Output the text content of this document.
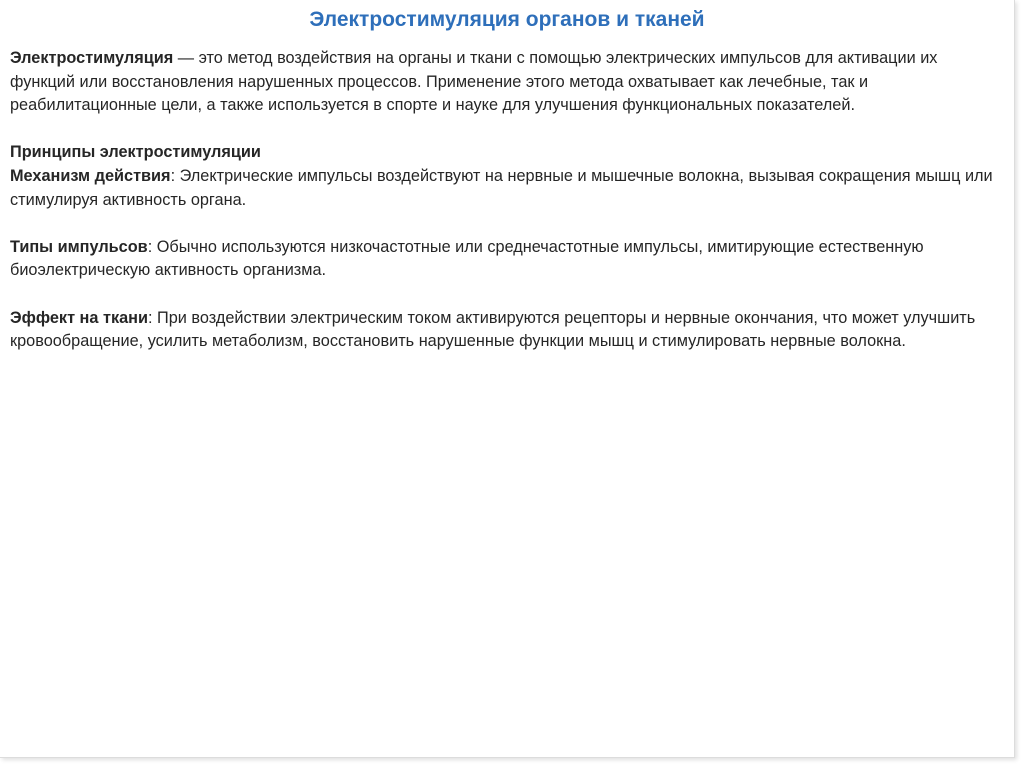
Электростимуляция органов и тканей

Электростимуляция — это метод воздействия на органы и ткани с помощью электрических импульсов для активации их функций или восстановления нарушенных процессов. Применение этого метода охватывает как лечебные, так и реабилитационные цели, а также используется в спорте и науке для улучшения функциональных показателей.

Принципы электростимуляции

Механизм действия: Электрические импульсы воздействуют на нервные и мышечные волокна, вызывая сокращения мышц или стимулируя активность органа.

Типы импульсов: Обычно используются низкочастотные или среднечастотные импульсы, имитирующие естественную биоэлектрическую активность организма.

Эффект на ткани: При воздействии электрическим током активируются рецепторы и нервные окончания, что может улучшить кровообращение, усилить метаболизм, восстановить нарушенные функции мышц и стимулировать нервные волокна.
